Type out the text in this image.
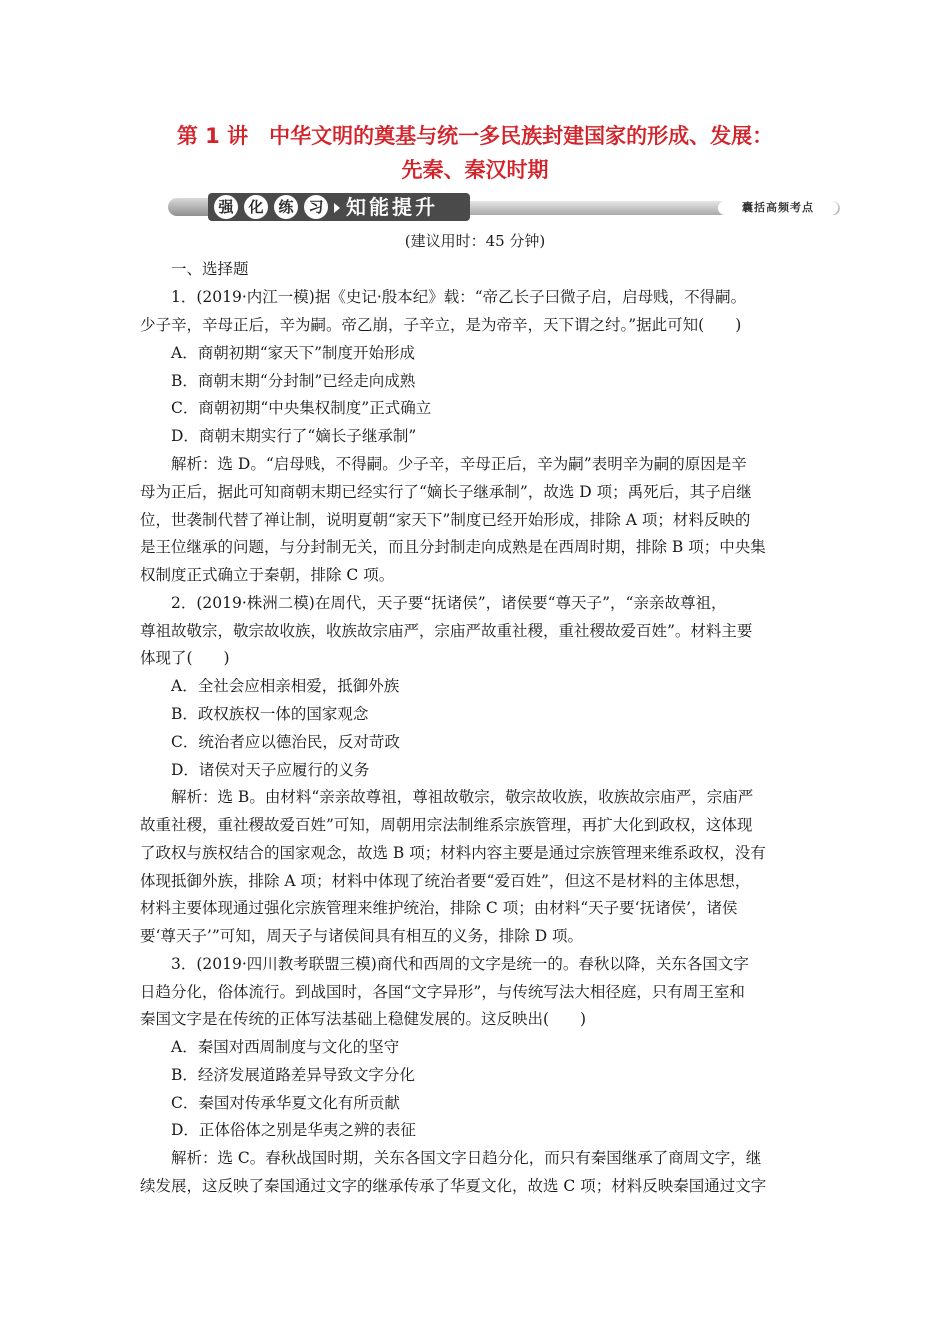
第 1 讲　中华文明的奠基与统一多民族封建国家的形成、发展：
先秦、秦汉时期
强 化 练 习 知能提升	囊括高频考点
(建议用时：45 分钟)
一、选择题
1．(2019·内江一模)据《史记·殷本纪》载：“帝乙长子曰微子启，启母贱，不得嗣。
少子辛，辛母正后，辛为嗣。帝乙崩，子辛立，是为帝辛，天下谓之纣。”据此可知(　　)
A．商朝初期“家天下”制度开始形成
B．商朝末期“分封制”已经走向成熟
C．商朝初期“中央集权制度”正式确立
D．商朝末期实行了“嫡长子继承制”
解析：选 D。“启母贱，不得嗣。少子辛，辛母正后，辛为嗣”表明辛为嗣的原因是辛
母为正后，据此可知商朝末期已经实行了“嫡长子继承制”，故选 D 项；禹死后，其子启继
位，世袭制代替了禅让制，说明夏朝“家天下”制度已经开始形成，排除 A 项；材料反映的
是王位继承的问题，与分封制无关，而且分封制走向成熟是在西周时期，排除 B 项；中央集
权制度正式确立于秦朝，排除 C 项。
2．(2019·株洲二模)在周代，天子要“抚诸侯”，诸侯要“尊天子”，“亲亲故尊祖，
尊祖故敬宗，敬宗故收族，收族故宗庙严，宗庙严故重社稷，重社稷故爱百姓”。材料主要
体现了(　　)
A．全社会应相亲相爱，抵御外族
B．政权族权一体的国家观念
C．统治者应以德治民，反对苛政
D．诸侯对天子应履行的义务
解析：选 B。由材料“亲亲故尊祖，尊祖故敬宗，敬宗故收族，收族故宗庙严，宗庙严
故重社稷，重社稷故爱百姓”可知，周朝用宗法制维系宗族管理，再扩大化到政权，这体现
了政权与族权结合的国家观念，故选 B 项；材料内容主要是通过宗族管理来维系政权，没有
体现抵御外族，排除 A 项；材料中体现了统治者要“爱百姓”，但这不是材料的主体思想，
材料主要体现通过强化宗族管理来维护统治，排除 C 项；由材料“天子要‘抚诸侯’，诸侯
要‘尊天子’”可知，周天子与诸侯间具有相互的义务，排除 D 项。
3．(2019·四川教考联盟三模)商代和西周的文字是统一的。春秋以降，关东各国文字
日趋分化，俗体流行。到战国时，各国“文字异形”，与传统写法大相径庭，只有周王室和
秦国文字是在传统的正体写法基础上稳健发展的。这反映出(　　)
A．秦国对西周制度与文化的坚守
B．经济发展道路差异导致文字分化
C．秦国对传承华夏文化有所贡献
D．正体俗体之别是华夷之辨的表征
解析：选 C。春秋战国时期，关东各国文字日趋分化，而只有秦国继承了商周文字，继
续发展，这反映了秦国通过文字的继承传承了华夏文化，故选 C 项；材料反映秦国通过文字
